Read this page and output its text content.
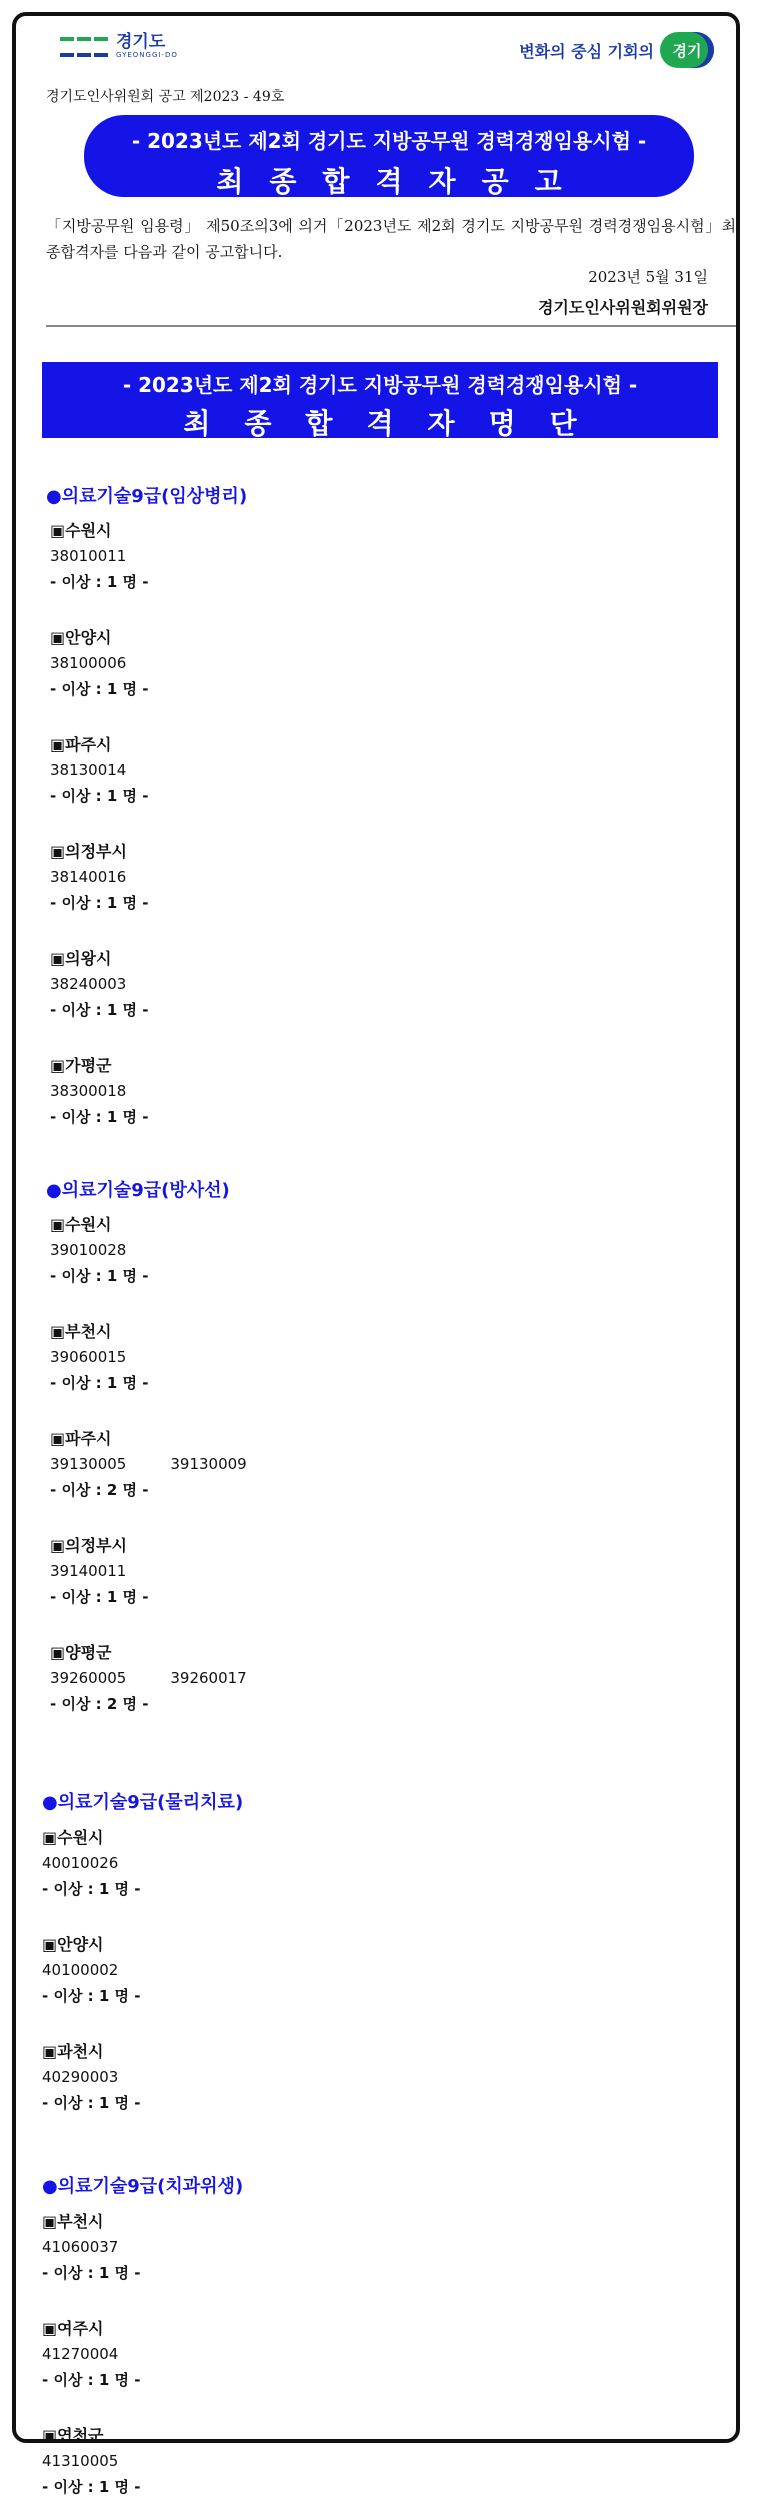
경기도
GYEONGGI-DO	변화의 중심 기회의	경기
경기도인사위원회 공고 제2023 - 49호
- 2023년도 제2회 경기도 지방공무원 경력경쟁임용시험 -
최종합격자공고
「지방공무원 임용령」 제50조의3에 의거「2023년도 제2회 경기도 지방공무원 경력경쟁임용시험」최종합격자를 다음과 같이 공고합니다.
2023년 5월 31일
경기도인사위원회위원장
- 2023년도 제2회 경기도 지방공무원 경력경쟁임용시험 -
최종합격자명단
●의료기술9급(임상병리)
▣수원시
38010011
- 이상 : 1 명 -
▣안양시
38100006
- 이상 : 1 명 -
▣파주시
38130014
- 이상 : 1 명 -
▣의정부시
38140016
- 이상 : 1 명 -
▣의왕시
38240003
- 이상 : 1 명 -
▣가평군
38300018
- 이상 : 1 명 -
●의료기술9급(방사선)
▣수원시
39010028
- 이상 : 1 명 -
▣부천시
39060015
- 이상 : 1 명 -
▣파주시
39130005	39130009
- 이상 : 2 명 -
▣의정부시
39140011
- 이상 : 1 명 -
▣양평군
39260005	39260017
- 이상 : 2 명 -
●의료기술9급(물리치료)
▣수원시
40010026
- 이상 : 1 명 -
▣안양시
40100002
- 이상 : 1 명 -
▣과천시
40290003
- 이상 : 1 명 -
●의료기술9급(치과위생)
▣부천시
41060037
- 이상 : 1 명 -
▣여주시
41270004
- 이상 : 1 명 -
▣연천군
41310005
- 이상 : 1 명 -
